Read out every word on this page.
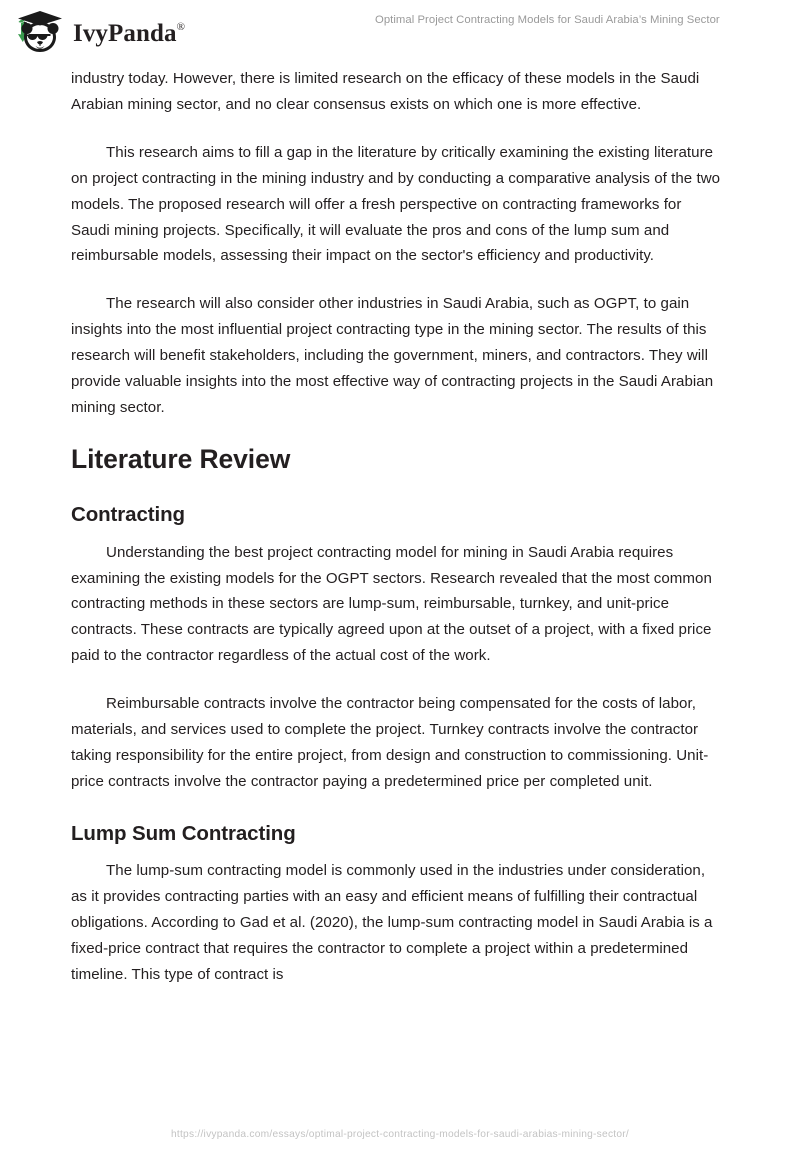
IvyPanda®
Optimal Project Contracting Models for Saudi Arabia’s Mining Sector

industry today. However, there is limited research on the efficacy of these models in the Saudi Arabian mining sector, and no clear consensus exists on which one is more effective.

This research aims to fill a gap in the literature by critically examining the existing literature on project contracting in the mining industry and by conducting a comparative analysis of the two models. The proposed research will offer a fresh perspective on contracting frameworks for Saudi mining projects. Specifically, it will evaluate the pros and cons of the lump sum and reimbursable models, assessing their impact on the sector's efficiency and productivity.

The research will also consider other industries in Saudi Arabia, such as OGPT, to gain insights into the most influential project contracting type in the mining sector. The results of this research will benefit stakeholders, including the government, miners, and contractors. They will provide valuable insights into the most effective way of contracting projects in the Saudi Arabian mining sector.

Literature Review
Contracting

Understanding the best project contracting model for mining in Saudi Arabia requires examining the existing models for the OGPT sectors. Research revealed that the most common contracting methods in these sectors are lump-sum, reimbursable, turnkey, and unit-price contracts. These contracts are typically agreed upon at the outset of a project, with a fixed price paid to the contractor regardless of the actual cost of the work.

Reimbursable contracts involve the contractor being compensated for the costs of labor, materials, and services used to complete the project. Turnkey contracts involve the contractor taking responsibility for the entire project, from design and construction to commissioning. Unit-price contracts involve the contractor paying a predetermined price per completed unit.

Lump Sum Contracting

The lump-sum contracting model is commonly used in the industries under consideration, as it provides contracting parties with an easy and efficient means of fulfilling their contractual obligations. According to Gad et al. (2020), the lump-sum contracting model in Saudi Arabia is a fixed-price contract that requires the contractor to complete a project within a predetermined timeline. This type of contract is

https://ivypanda.com/essays/optimal-project-contracting-models-for-saudi-arabias-mining-sector/
